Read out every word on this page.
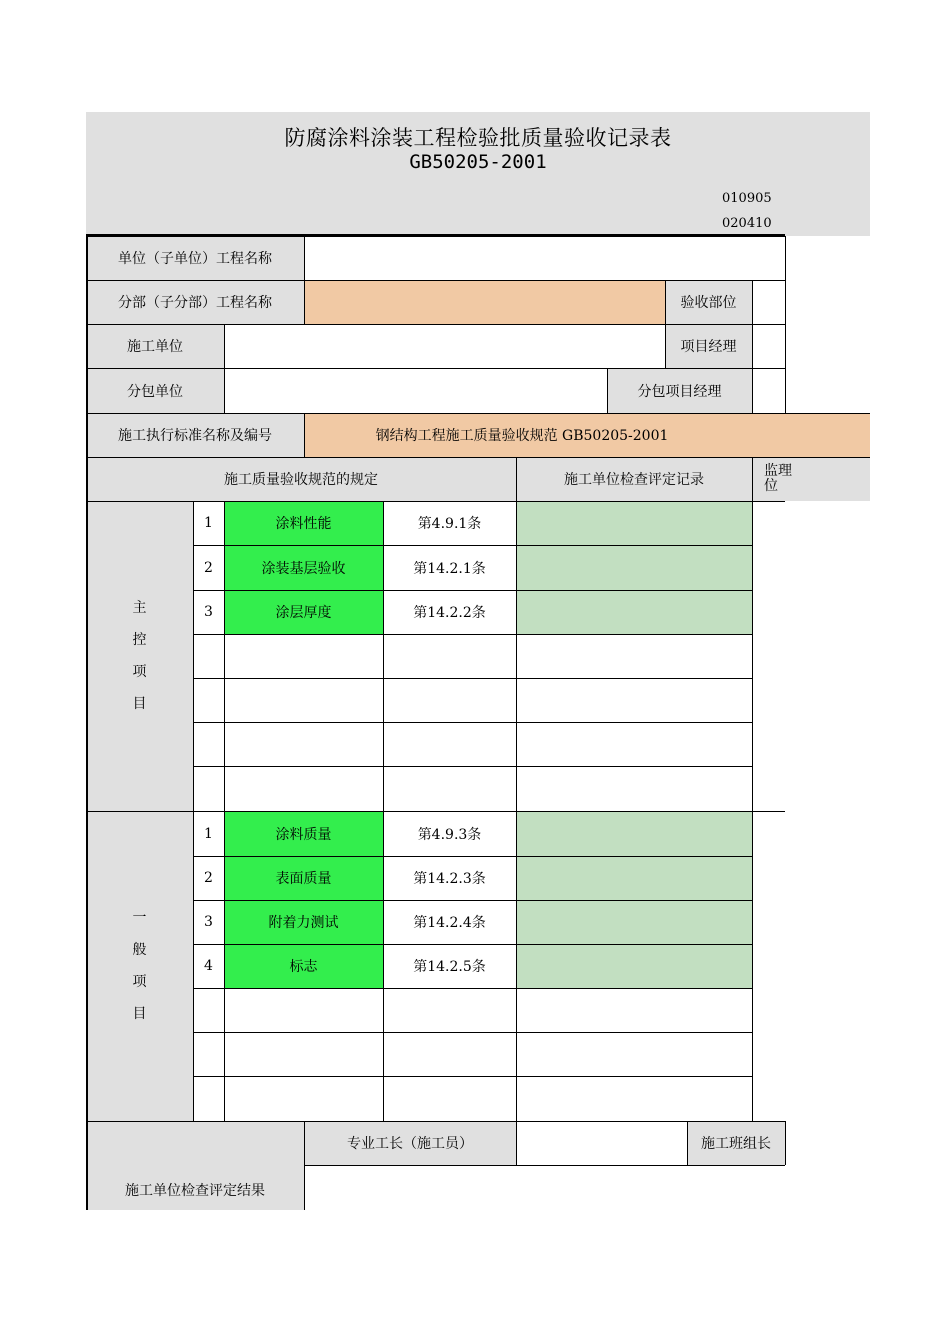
防腐涂料涂装工程检验批质量验收记录表
GB50205-2001
010905
020410
单位（子单位）工程名称
分部（子分部）工程名称	验收部位
施工单位	项目经理
分包单位	分包项目经理
施工执行标准名称及编号	钢结构工程施工质量验收规范 GB50205-2001
施工质量验收规范的规定	施工单位检查评定记录
监理
位
主
控
项
目
1	涂料性能	第4.9.1条
2	涂装基层验收	第14.2.1条
3	涂层厚度	第14.2.2条
一
般
项
目
1	涂料质量	第4.9.3条
2	表面质量	第14.2.3条
3	附着力测试	第14.2.4条
4	标志	第14.2.5条
施工单位检查评定结果
专业工长（施工员）	施工班组长
